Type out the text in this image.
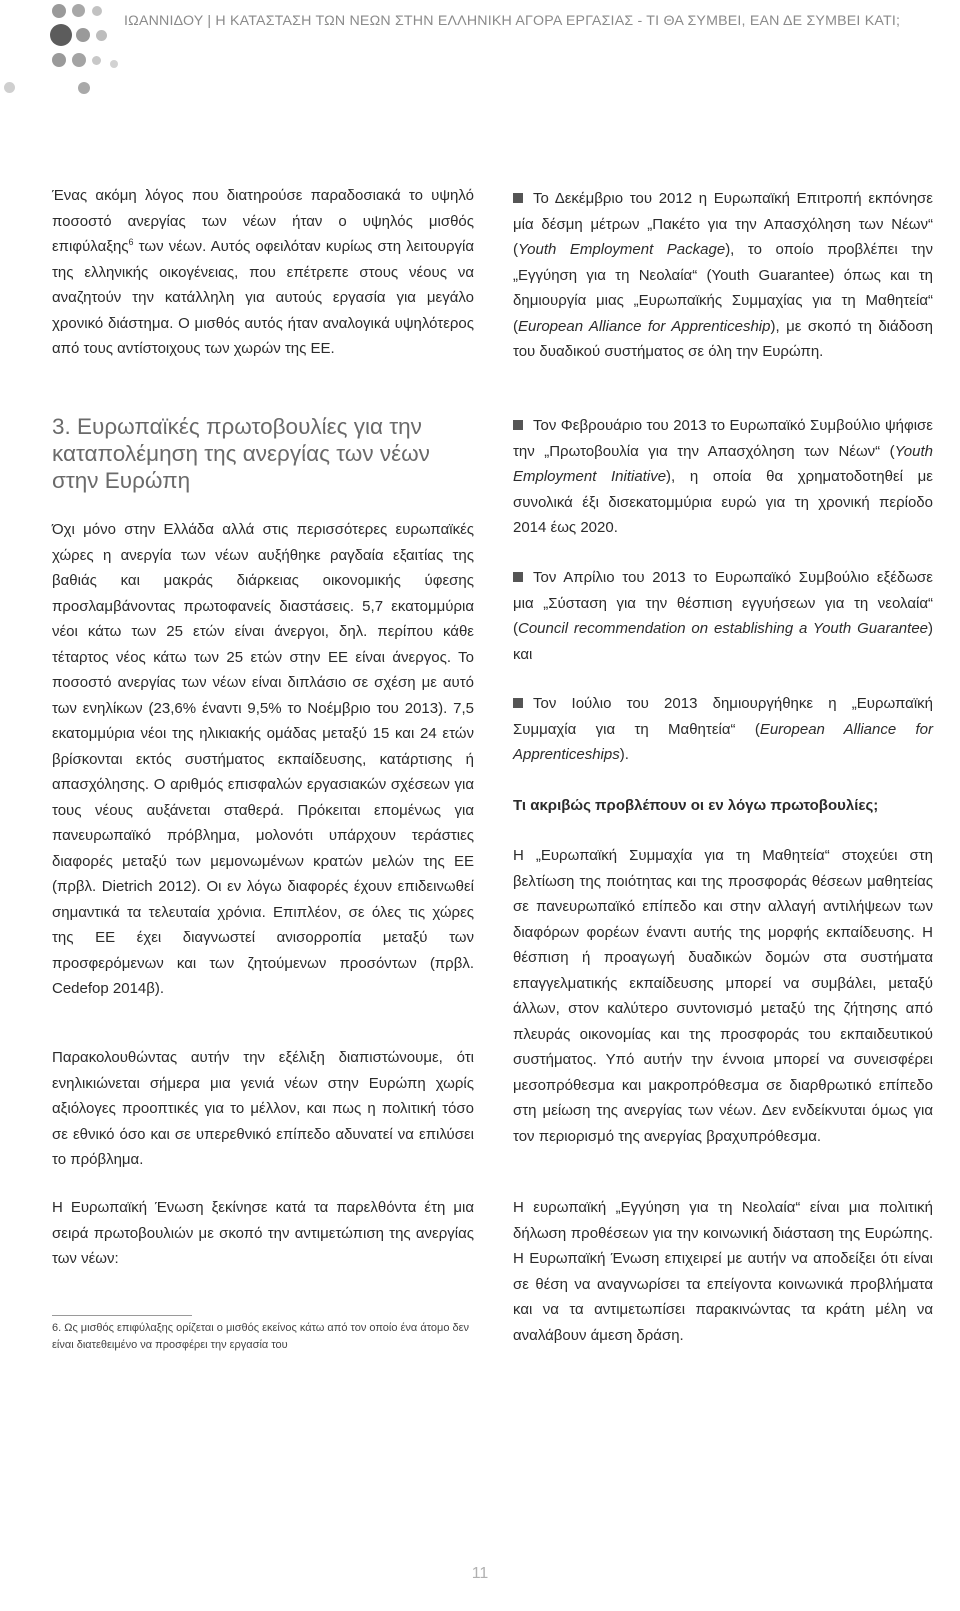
ΙΩΑΝΝΙΔΟΥ | Η ΚΑΤΑΣΤΑΣΗ ΤΩΝ ΝΕΩΝ ΣΤΗΝ ΕΛΛΗΝΙΚΗ ΑΓΟΡΑ ΕΡΓΑΣΙΑΣ - ΤΙ ΘΑ ΣΥΜΒΕΙ, ΕΑΝ ΔΕ ΣΥΜΒΕΙ ΚΑΤΙ;

Ένας ακόμη λόγος που διατηρούσε παραδοσιακά το υψηλό ποσοστό ανεργίας των νέων ήταν ο υψηλός μισθός επιφύλαξης$^6$ των νέων. Αυτός οφειλόταν κυρίως στη λειτουργία της ελληνικής οικογένειας, που επέτρεπε στους νέους να αναζητούν την κατάλληλη για αυτούς εργασία για μεγάλο χρονικό διάστημα. Ο μισθός αυτός ήταν αναλογικά υψηλότερος από τους αντίστοιχους των χωρών της ΕΕ.

3. Ευρωπαϊκές πρωτοβουλίες για την καταπολέμηση της ανεργίας των νέων στην Ευρώπη

Όχι μόνο στην Ελλάδα αλλά στις περισσότερες ευρωπαϊκές χώρες η ανεργία των νέων αυξήθηκε ραγδαία εξαιτίας της βαθιάς και μακράς διάρκειας οικονομικής ύφεσης προσλαμβάνοντας πρωτοφανείς διαστάσεις. 5,7 εκατομμύρια νέοι κάτω των 25 ετών είναι άνεργοι, δηλ. περίπου κάθε τέταρτος νέος κάτω των 25 ετών στην ΕΕ είναι άνεργος. Το ποσοστό ανεργίας των νέων είναι διπλάσιο σε σχέση με αυτό των ενηλίκων (23,6% έναντι 9,5% το Νοέμβριο του 2013). 7,5 εκατομμύρια νέοι της ηλικιακής ομάδας μεταξύ 15 και 24 ετών βρίσκονται εκτός συστήματος εκπαίδευσης, κατάρτισης ή απασχόλησης. Ο αριθμός επισφαλών εργασιακών σχέσεων για τους νέους αυξάνεται σταθερά. Πρόκειται επομένως για πανευρωπαϊκό πρόβλημα, μολονότι υπάρχουν τεράστιες διαφορές μεταξύ των μεμονωμένων κρατών μελών της ΕΕ (πρβλ. Dietrich 2012). Οι εν λόγω διαφορές έχουν επιδεινωθεί σημαντικά τα τελευταία χρόνια. Επιπλέον, σε όλες τις χώρες της ΕΕ έχει διαγνωστεί ανισορροπία μεταξύ των προσφερόμενων και των ζητούμενων προσόντων (πρβλ. Cedefop 2014β).

Παρακολουθώντας αυτήν την εξέλιξη διαπιστώνουμε, ότι ενηλικιώνεται σήμερα μια γενιά νέων στην Ευρώπη χωρίς αξιόλογες προοπτικές για το μέλλον, και πως η πολιτική τόσο σε εθνικό όσο και σε υπερεθνικό επίπεδο αδυνατεί να επιλύσει το πρόβλημα.

Η Ευρωπαϊκή Ένωση ξεκίνησε κατά τα παρελθόντα έτη μια σειρά πρωτοβουλιών με σκοπό την αντιμετώπιση της ανεργίας των νέων:

6. Ως μισθός επιφύλαξης ορίζεται ο μισθός εκείνος κάτω από τον οποίο ένα άτομο δεν είναι διατεθειμένο να προσφέρει την εργασία του

Το Δεκέμβριο του 2012 η Ευρωπαϊκή Επιτροπή εκπόνησε μία δέσμη μέτρων „Πακέτο για την Απασχόληση των Νέων“ (Youth Employment Package), το οποίο προβλέπει την „Εγγύηση για τη Νεολαία“ (Youth Guarantee) όπως και τη δημιουργία μιας „Ευρωπαϊκής Συμμαχίας για τη Μαθητεία“ (European Alliance for Apprenticeship), με σκοπό τη διάδοση του δυαδικού συστήματος σε όλη την Ευρώπη.

Τον Φεβρουάριο του 2013 το Ευρωπαϊκό Συμβούλιο ψήφισε την „Πρωτοβουλία για την Απασχόληση των Νέων“ (Youth Employment Initiative), η οποία θα χρηματοδοτηθεί με συνολικά έξι δισεκατομμύρια ευρώ για τη χρονική περίοδο 2014 έως 2020.

Τον Απρίλιο του 2013 το Ευρωπαϊκό Συμβούλιο εξέδωσε μια „Σύσταση για την θέσπιση εγγυήσεων για τη νεολαία“ (Council recommendation on establishing a Youth Guarantee) και

Τον Ιούλιο του 2013 δημιουργήθηκε η „Ευρωπαϊκή Συμμαχία για τη Μαθητεία“ (European Alliance for Apprenticeships).

Τι ακριβώς προβλέπουν οι εν λόγω πρωτοβουλίες;

Η „Ευρωπαϊκή Συμμαχία για τη Μαθητεία“ στοχεύει στη βελτίωση της ποιότητας και της προσφοράς θέσεων μαθητείας σε πανευρωπαϊκό επίπεδο και στην αλλαγή αντιλήψεων των διαφόρων φορέων έναντι αυτής της μορφής εκπαίδευσης. Η θέσπιση ή προαγωγή δυαδικών δομών στα συστήματα επαγγελματικής εκπαίδευσης μπορεί να συμβάλει, μεταξύ άλλων, στον καλύτερο συντονισμό μεταξύ της ζήτησης από πλευράς οικονομίας και της προσφοράς του εκπαιδευτικού συστήματος. Υπό αυτήν την έννοια μπορεί να συνεισφέρει μεσοπρόθεσμα και μακροπρόθεσμα σε διαρθρωτικό επίπεδο στη μείωση της ανεργίας των νέων. Δεν ενδείκνυται όμως για τον περιορισμό της ανεργίας βραχυπρόθεσμα.

Η ευρωπαϊκή „Εγγύηση για τη Νεολαία“ είναι μια πολιτική δήλωση προθέσεων για την κοινωνική διάσταση της Ευρώπης. Η Ευρωπαϊκή Ένωση επιχειρεί με αυτήν να αποδείξει ότι είναι σε θέση να αναγνωρίσει τα επείγοντα κοινωνικά προβλήματα και να τα αντιμετωπίσει παρακινώντας τα κράτη μέλη να αναλάβουν άμεση δράση.

11
